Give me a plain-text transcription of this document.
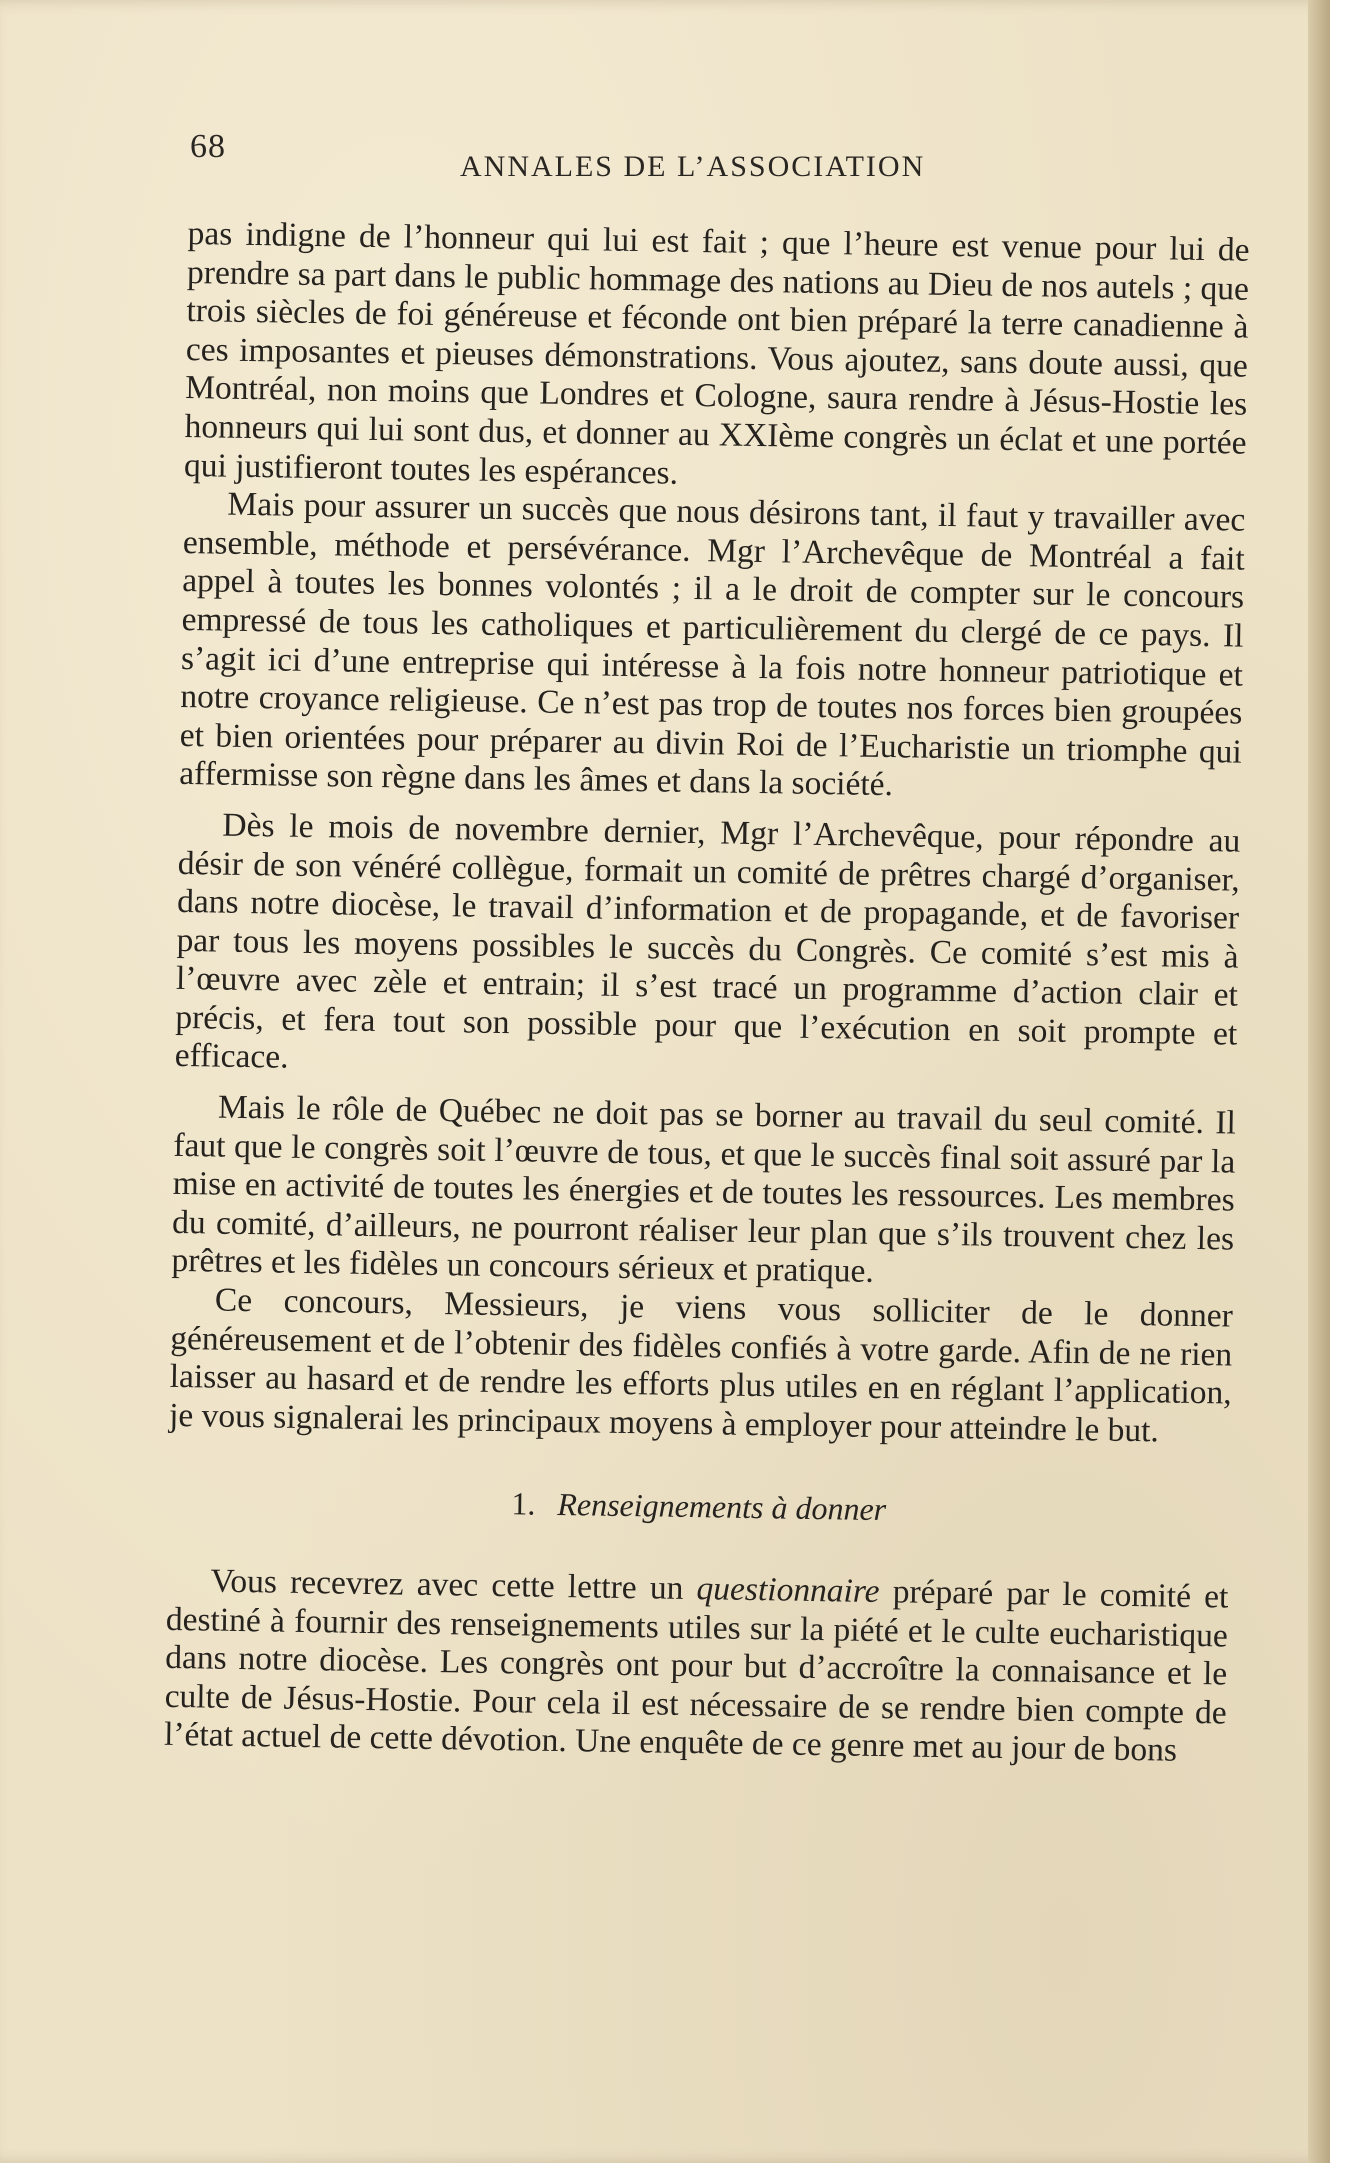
68
ANNALES DE L’ASSOCIATION

pas indigne de l’honneur qui lui est fait ; que l’heure est venue pour lui de prendre sa part dans le public hommage des nations au Dieu de nos autels ; que trois siècles de foi généreuse et féconde ont bien préparé la terre canadienne à ces imposantes et pieuses démonstrations. Vous ajoutez, sans doute aussi, que Montréal, non moins que Londres et Cologne, saura rendre à Jésus-Hostie les honneurs qui lui sont dus, et donner au XXIème congrès un éclat et une portée qui justifieront toutes les espérances.

Mais pour assurer un succès que nous désirons tant, il faut y travailler avec ensemble, méthode et persévérance. Mgr l’Archevêque de Montréal a fait appel à toutes les bonnes volontés ; il a le droit de compter sur le concours empressé de tous les catholiques et particulièrement du clergé de ce pays. Il s’agit ici d’une entreprise qui intéresse à la fois notre honneur patriotique et notre croyance religieuse. Ce n’est pas trop de toutes nos forces bien groupées et bien orientées pour préparer au divin Roi de l’Eucharistie un triomphe qui affermisse son règne dans les âmes et dans la société.

Dès le mois de novembre dernier, Mgr l’Archevêque, pour répondre au désir de son vénéré collègue, formait un comité de prêtres chargé d’organiser, dans notre diocèse, le travail d’information et de propagande, et de favoriser par tous les moyens possibles le succès du Congrès. Ce comité s’est mis à l’œuvre avec zèle et entrain; il s’est tracé un programme d’action clair et précis, et fera tout son possible pour que l’exécution en soit prompte et efficace.

Mais le rôle de Québec ne doit pas se borner au travail du seul comité. Il faut que le congrès soit l’œuvre de tous, et que le succès final soit assuré par la mise en activité de toutes les énergies et de toutes les ressources. Les membres du comité, d’ailleurs, ne pourront réaliser leur plan que s’ils trouvent chez les prêtres et les fidèles un concours sérieux et pratique.

Ce concours, Messieurs, je viens vous solliciter de le donner généreusement et de l’obtenir des fidèles confiés à votre garde. Afin de ne rien laisser au hasard et de rendre les efforts plus utiles en en réglant l’application, je vous signalerai les principaux moyens à employer pour atteindre le but.

1. Renseignements à donner

Vous recevrez avec cette lettre un questionnaire préparé par le comité et destiné à fournir des renseignements utiles sur la piété et le culte eucharistique dans notre diocèse. Les congrès ont pour but d’accroître la connaisance et le culte de Jésus-Hostie. Pour cela il est nécessaire de se rendre bien compte de l’état actuel de cette dévotion. Une enquête de ce genre met au jour de bons
